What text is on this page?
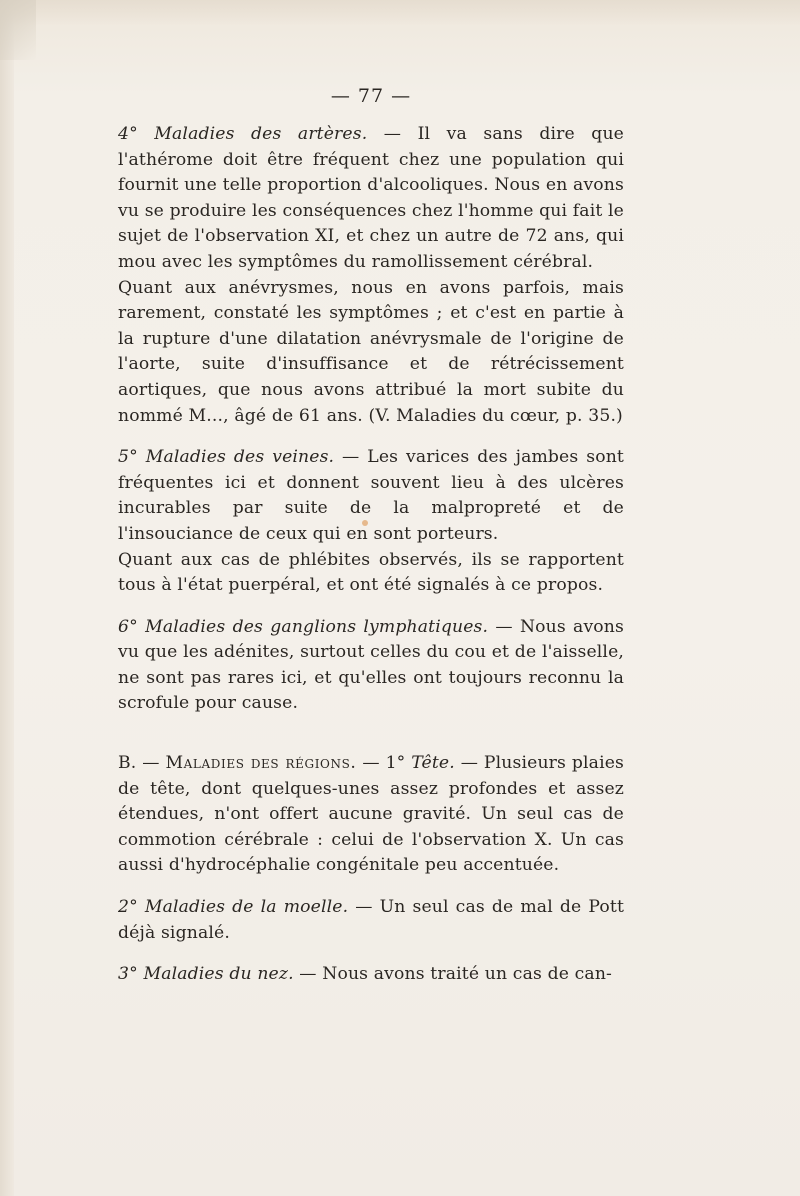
— 77 —

4° Maladies des artères. — Il va sans dire que l'athérome doit être fréquent chez une population qui fournit une telle proportion d'alcooliques. Nous en avons vu se produire les conséquences chez l'homme qui fait le sujet de l'observation XI, et chez un autre de 72 ans, qui mou avec les symptômes du ramollissement cérébral.

Quant aux anévrysmes, nous en avons parfois, mais rarement, constaté les symptômes ; et c'est en partie à la rupture d'une dilatation anévrysmale de l'origine de l'aorte, suite d'insuffisance et de rétrécissement aortiques, que nous avons attribué la mort subite du nommé M..., âgé de 61 ans. (V. Maladies du cœur, p. 35.)

5° Maladies des veines. — Les varices des jambes sont fréquentes ici et donnent souvent lieu à des ulcères incurables par suite de la malpropreté et de l'insouciance de ceux qui en sont porteurs.

Quant aux cas de phlébites observés, ils se rapportent tous à l'état puerpéral, et ont été signalés à ce propos.

6° Maladies des ganglions lymphatiques. — Nous avons vu que les adénites, surtout celles du cou et de l'aisselle, ne sont pas rares ici, et qu'elles ont toujours reconnu la scrofule pour cause.

B. — Maladies des régions. — 1° Tête. — Plusieurs plaies de tête, dont quelques-unes assez profondes et assez étendues, n'ont offert aucune gravité. Un seul cas de commotion cérébrale : celui de l'observation X. Un cas aussi d'hydrocéphalie congénitale peu accentuée.

2° Maladies de la moelle. — Un seul cas de mal de Pott déjà signalé.

3° Maladies du nez. — Nous avons traité un cas de can-
